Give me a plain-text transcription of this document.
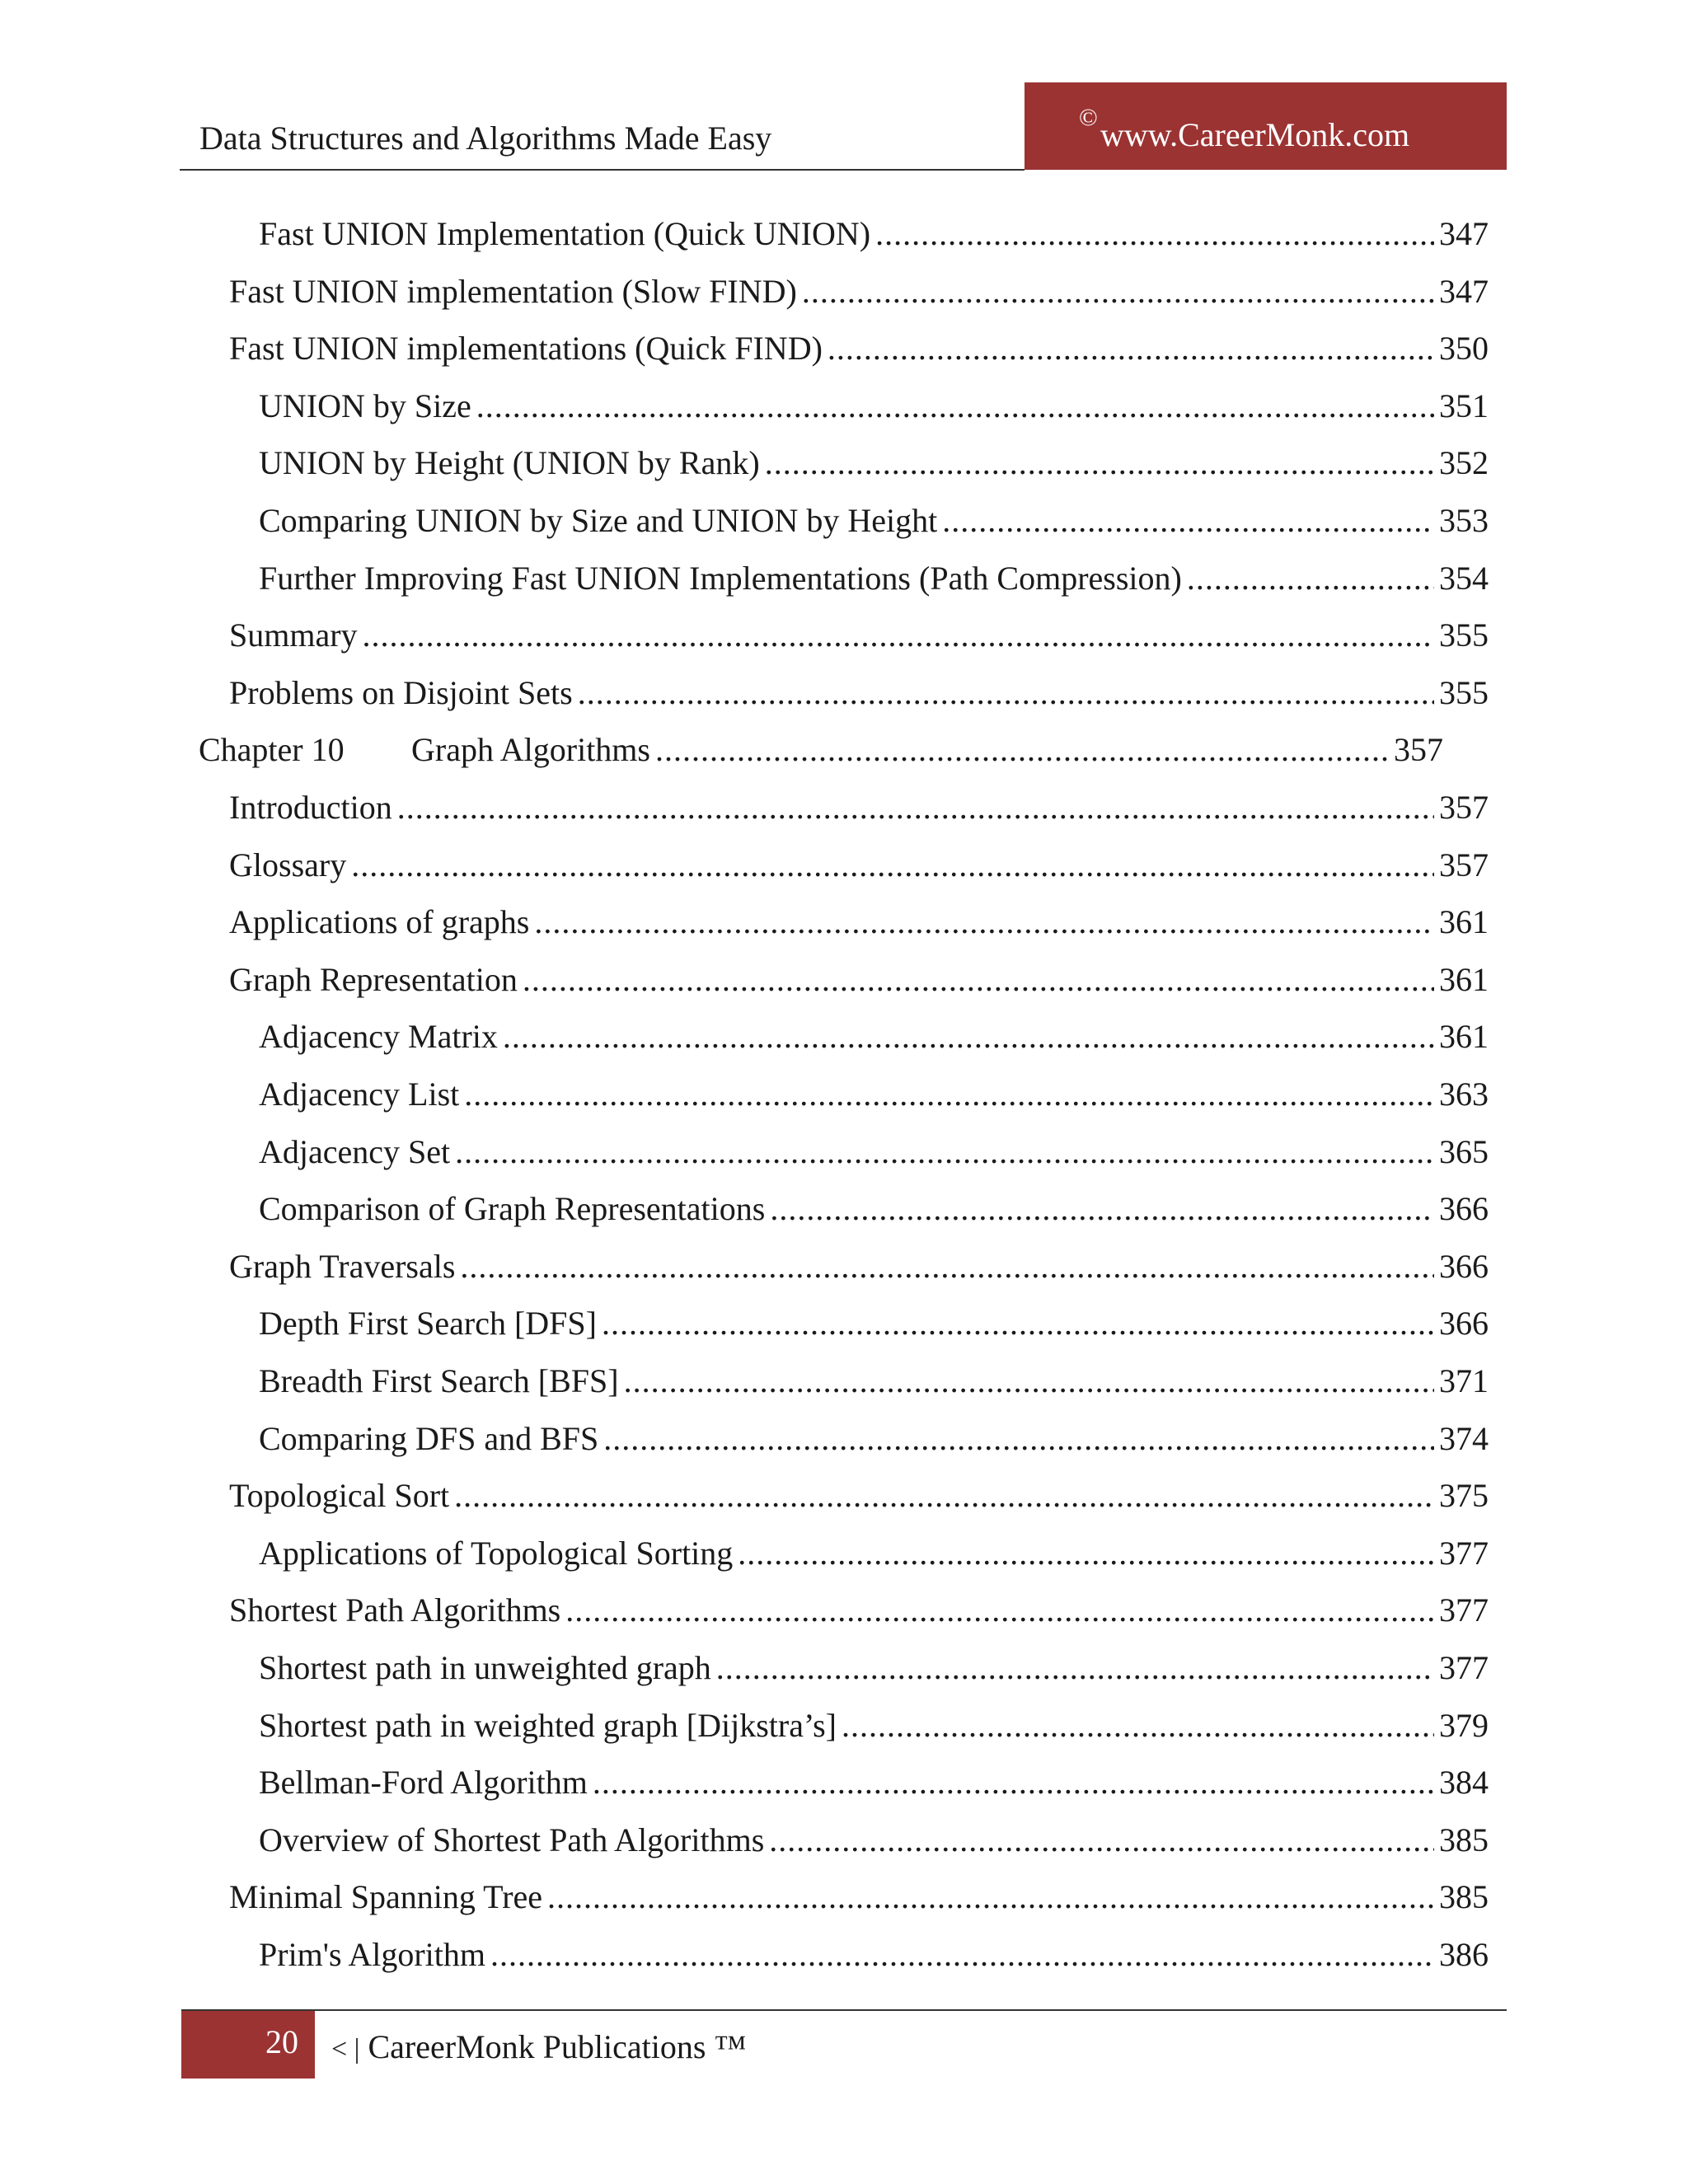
Data Structures and Algorithms Made Easy
© www.CareerMonk.com
Fast UNION Implementation (Quick UNION) .....	347
Fast UNION implementation (Slow FIND) .....	347
Fast UNION implementations (Quick FIND) .....	350
UNION by Size .....	351
UNION by Height (UNION by Rank) .....	352
Comparing UNION by Size and UNION by Height .....	353
Further Improving Fast UNION Implementations (Path Compression) .....	354
Summary .....	355
Problems on Disjoint Sets .....	355
Chapter 10	Graph Algorithms .....	357
Introduction .....	357
Glossary .....	357
Applications of graphs .....	361
Graph Representation .....	361
Adjacency Matrix .....	361
Adjacency List .....	363
Adjacency Set .....	365
Comparison of Graph Representations .....	366
Graph Traversals .....	366
Depth First Search [DFS] .....	366
Breadth First Search [BFS] .....	371
Comparing DFS and BFS .....	374
Topological Sort .....	375
Applications of Topological Sorting .....	377
Shortest Path Algorithms .....	377
Shortest path in unweighted graph .....	377
Shortest path in weighted graph [Dijkstra’s] .....	379
Bellman-Ford Algorithm .....	384
Overview of Shortest Path Algorithms .....	385
Minimal Spanning Tree .....	385
Prim's Algorithm .....	386
20 < | CareerMonk Publications ™
